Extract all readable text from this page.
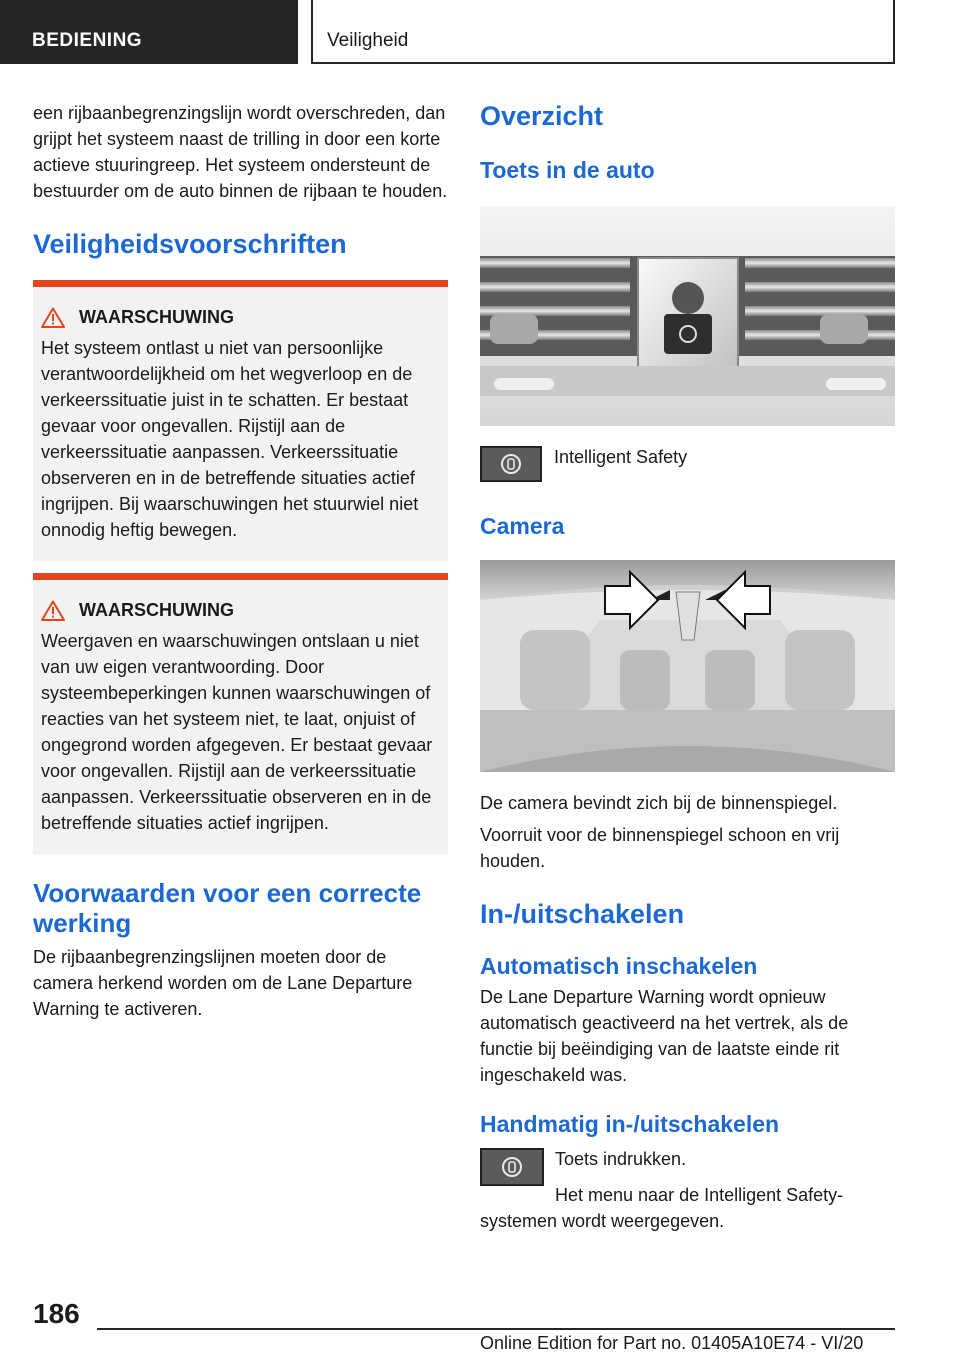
BEDIENING	Veiligheid

een rijbaanbegrenzingslijn wordt overschreden, dan grijpt het systeem naast de trilling in door een korte actieve stuuringreep. Het systeem ondersteunt de bestuurder om de auto binnen de rijbaan te houden.

Veiligheidsvoorschriften
WAARSCHUWING

Het systeem ontlast u niet van persoonlijke verantwoordelijkheid om het wegverloop en de verkeerssituatie juist in te schatten. Er bestaat gevaar voor ongevallen. Rijstijl aan de verkeerssituatie aanpassen. Verkeerssituatie observeren en in de betreffende situaties actief ingrijpen. Bij waarschuwingen het stuurwiel niet onnodig heftig bewegen.

WAARSCHUWING

Weergaven en waarschuwingen ontslaan u niet van uw eigen verantwoording. Door systeembeperkingen kunnen waarschuwingen of reacties van het systeem niet, te laat, onjuist of ongegrond worden afgegeven. Er bestaat gevaar voor ongevallen. Rijstijl aan de verkeerssituatie aanpassen. Verkeerssituatie observeren en in de betreffende situaties actief ingrijpen.

Voorwaarden voor een correcte werking

De rijbaanbegrenzingslijnen moeten door de camera herkend worden om de Lane Departure Warning te activeren.

Overzicht
Toets in de auto

Intelligent Safety

Camera

De camera bevindt zich bij de binnenspiegel.

Voorruit voor de binnenspiegel schoon en vrij houden.

In-/uitschakelen
Automatisch inschakelen

De Lane Departure Warning wordt opnieuw automatisch geactiveerd na het vertrek, als de functie bij beëindiging van de laatste einde rit ingeschakeld was.

Handmatig in-/uitschakelen

Toets indrukken.

Het menu naar de Intelligent Safety-systemen wordt weergegeven.

186
Online Edition for Part no. 01405A10E74 - VI/20
